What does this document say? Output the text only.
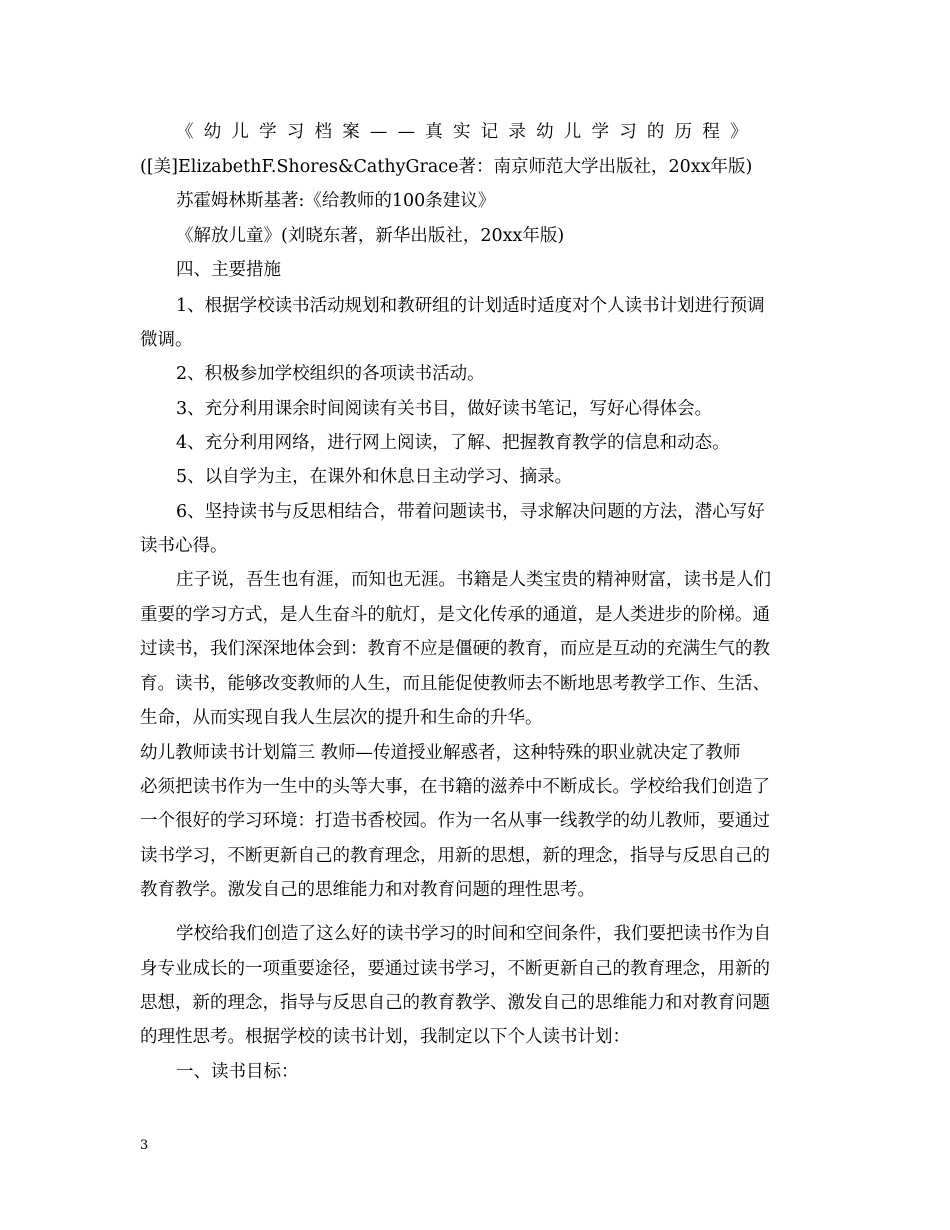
《幼儿学习档案——真实记录幼儿学习的历程》
([美]ElizabethF.Shores&CathyGrace著：南京师范大学出版社，20xx年版)
苏霍姆林斯基著:《给教师的100条建议》
《解放儿童》(刘晓东著，新华出版社，20xx年版)
四、主要措施
1、根据学校读书活动规划和教研组的计划适时适度对个人读书计划进行预调
微调。
2、积极参加学校组织的各项读书活动。
3、充分利用课余时间阅读有关书目，做好读书笔记，写好心得体会。
4、充分利用网络，进行网上阅读，了解、把握教育教学的信息和动态。
5、以自学为主，在课外和休息日主动学习、摘录。
6、坚持读书与反思相结合，带着问题读书，寻求解决问题的方法，潜心写好
读书心得。
庄子说，吾生也有涯，而知也无涯。书籍是人类宝贵的精神财富，读书是人们
重要的学习方式，是人生奋斗的航灯，是文化传承的通道，是人类进步的阶梯。通
过读书，我们深深地体会到：教育不应是僵硬的教育，而应是互动的充满生气的教
育。读书，能够改变教师的人生，而且能促使教师去不断地思考教学工作、生活、
生命，从而实现自我人生层次的提升和生命的升华。
幼儿教师读书计划篇三 教师—传道授业解惑者，这种特殊的职业就决定了教师
必须把读书作为一生中的头等大事，在书籍的滋养中不断成长。学校给我们创造了
一个很好的学习环境：打造书香校园。作为一名从事一线教学的幼儿教师，要通过
读书学习，不断更新自己的教育理念，用新的思想，新的理念，指导与反思自己的
教育教学。激发自己的思维能力和对教育问题的理性思考。
学校给我们创造了这么好的读书学习的时间和空间条件，我们要把读书作为自
身专业成长的一项重要途径，要通过读书学习，不断更新自己的教育理念，用新的
思想，新的理念，指导与反思自己的教育教学、激发自己的思维能力和对教育问题
的理性思考。根据学校的读书计划，我制定以下个人读书计划：
一、读书目标：
3
